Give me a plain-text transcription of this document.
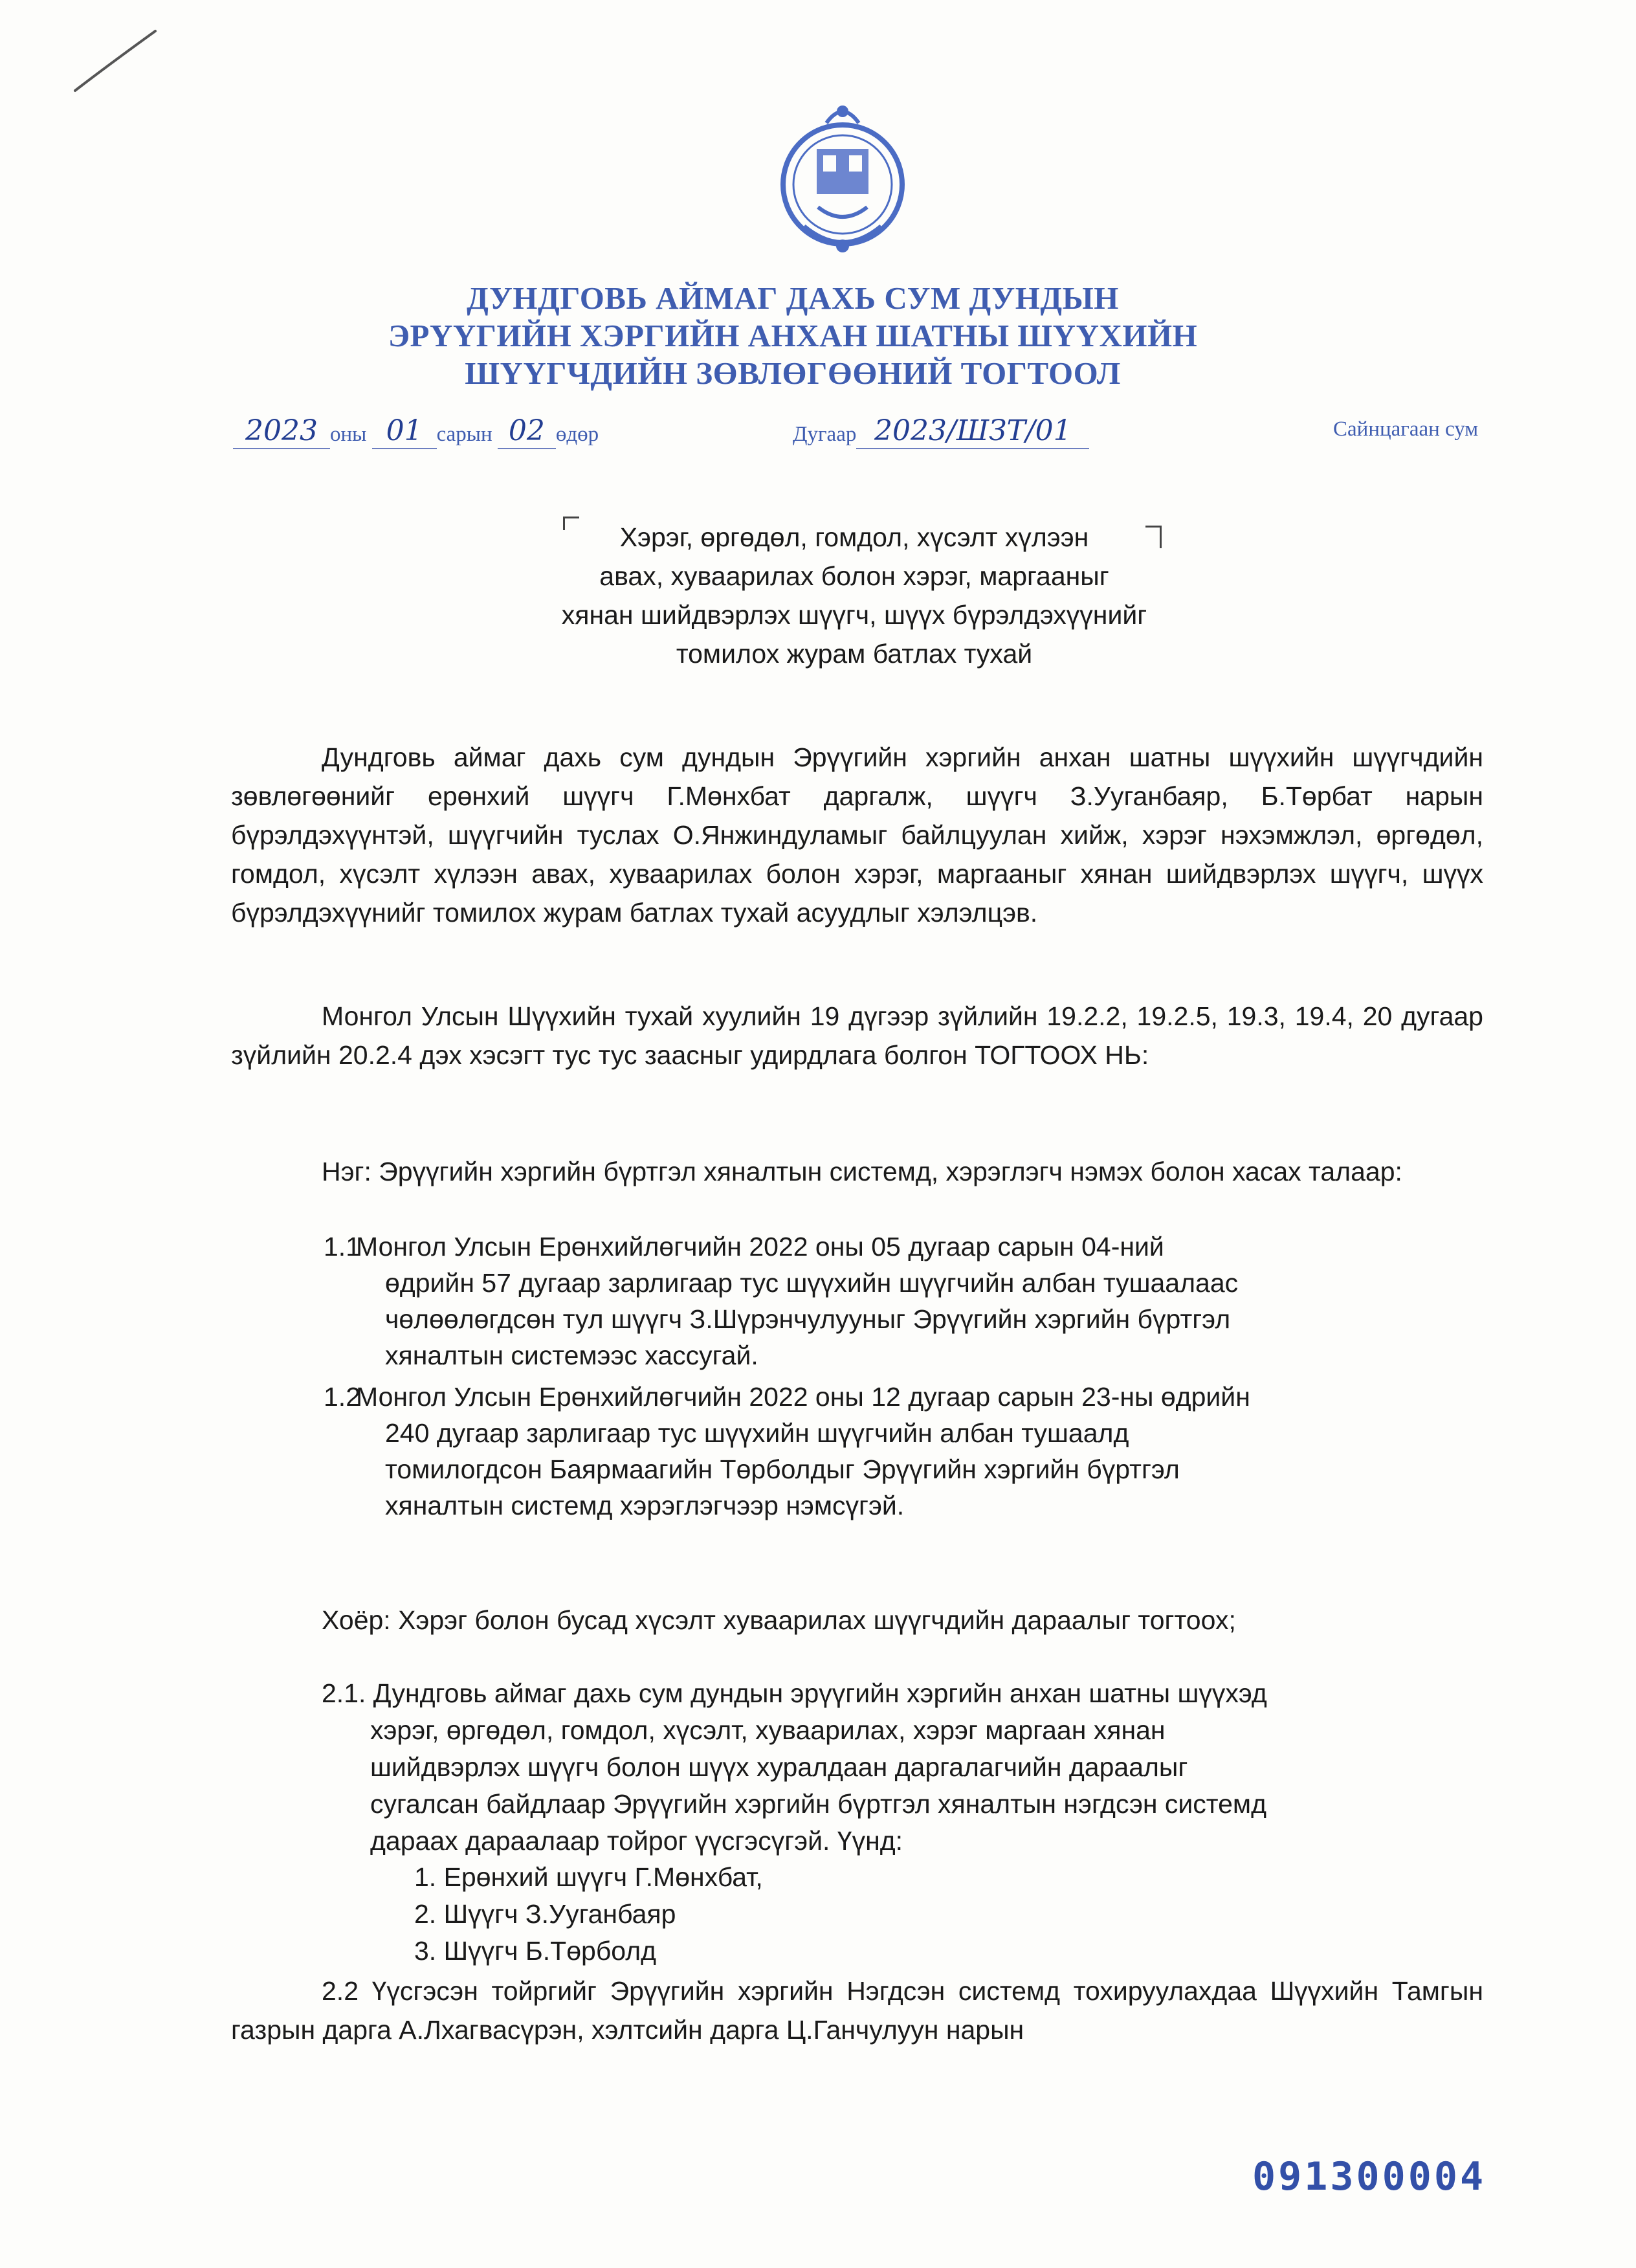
ДУНДГОВЬ АЙМАГ ДАХЬ СУМ ДУНДЫН
ЭРҮҮГИЙН ХЭРГИЙН АНХАН ШАТНЫ ШҮҮХИЙН
ШҮҮГЧДИЙН ЗӨВЛӨГӨӨНИЙ ТОГТООЛ
2023 оны 01 сарын 02 өдөр	Дугаар 2023/ШЗТ/01	Сайнцагаан сум
Хэрэг, өргөдөл, гомдол, хүсэлт хүлээн
авах, хуваарилах болон хэрэг, маргааныг
хянан шийдвэрлэх шүүгч, шүүх бүрэлдэхүүнийг
томилох журам батлах тухай

Дундговь аймаг дахь сум дундын Эрүүгийн хэргийн анхан шатны шүүхийн шүүгчдийн зөвлөгөөнийг ерөнхий шүүгч Г.Мөнхбат даргалж, шүүгч З.Ууганбаяр, Б.Төрбат нарын бүрэлдэхүүнтэй, шүүгчийн туслах О.Янжиндуламыг байлцуулан хийж, хэрэг нэхэмжлэл, өргөдөл, гомдол, хүсэлт хүлээн авах, хуваарилах болон хэрэг, маргааныг хянан шийдвэрлэх шүүгч, шүүх бүрэлдэхүүнийг томилох журам батлах тухай асуудлыг хэлэлцэв.

Монгол Улсын Шүүхийн тухай хуулийн 19 дүгээр зүйлийн 19.2.2, 19.2.5, 19.3, 19.4, 20 дугаар зүйлийн 20.2.4 дэх хэсэгт тус тус заасныг удирдлага болгон ТОГТООХ НЬ:

Нэг: Эрүүгийн хэргийн бүртгэл хяналтын системд, хэрэглэгч нэмэх болон хасах талаар:

1.1
Монгол Улсын Ерөнхийлөгчийн 2022 оны 05 дугаар сарын 04-ний
өдрийн 57 дугаар зарлигаар тус шүүхийн шүүгчийн албан тушаалаас
чөлөөлөгдсөн тул шүүгч З.Шүрэнчулууныг Эрүүгийн хэргийн бүртгэл
хяналтын системээс хассугай.
1.2
Монгол Улсын Ерөнхийлөгчийн 2022 оны 12 дугаар сарын 23-ны өдрийн
240 дугаар зарлигаар тус шүүхийн шүүгчийн албан тушаалд
томилогдсон Баярмаагийн Төрболдыг Эрүүгийн хэргийн бүртгэл
хяналтын системд хэрэглэгчээр нэмсүгэй.
Хоёр: Хэрэг болон бусад хүсэлт хуваарилах шүүгчдийн дараалыг тогтоох;
2.1. Дундговь аймаг дахь сум дундын эрүүгийн хэргийн анхан шатны шүүхэд
хэрэг, өргөдөл, гомдол, хүсэлт, хуваарилах, хэрэг маргаан хянан
шийдвэрлэх шүүгч болон шүүх хуралдаан даргалагчийн дараалыг
сугалсан байдлаар Эрүүгийн хэргийн бүртгэл хяналтын нэгдсэн системд
дараах дараалаар тойрог үүсгэсүгэй. Үүнд:
1. Ерөнхий шүүгч Г.Мөнхбат,
2. Шүүгч З.Ууганбаяр
3. Шүүгч Б.Төрболд

2.2 Үүсгэсэн тойргийг Эрүүгийн хэргийн Нэгдсэн системд тохируулахдаа Шүүхийн Тамгын газрын дарга А.Лхагвасүрэн, хэлтсийн дарга Ц.Ганчулуун нарын

091300004
